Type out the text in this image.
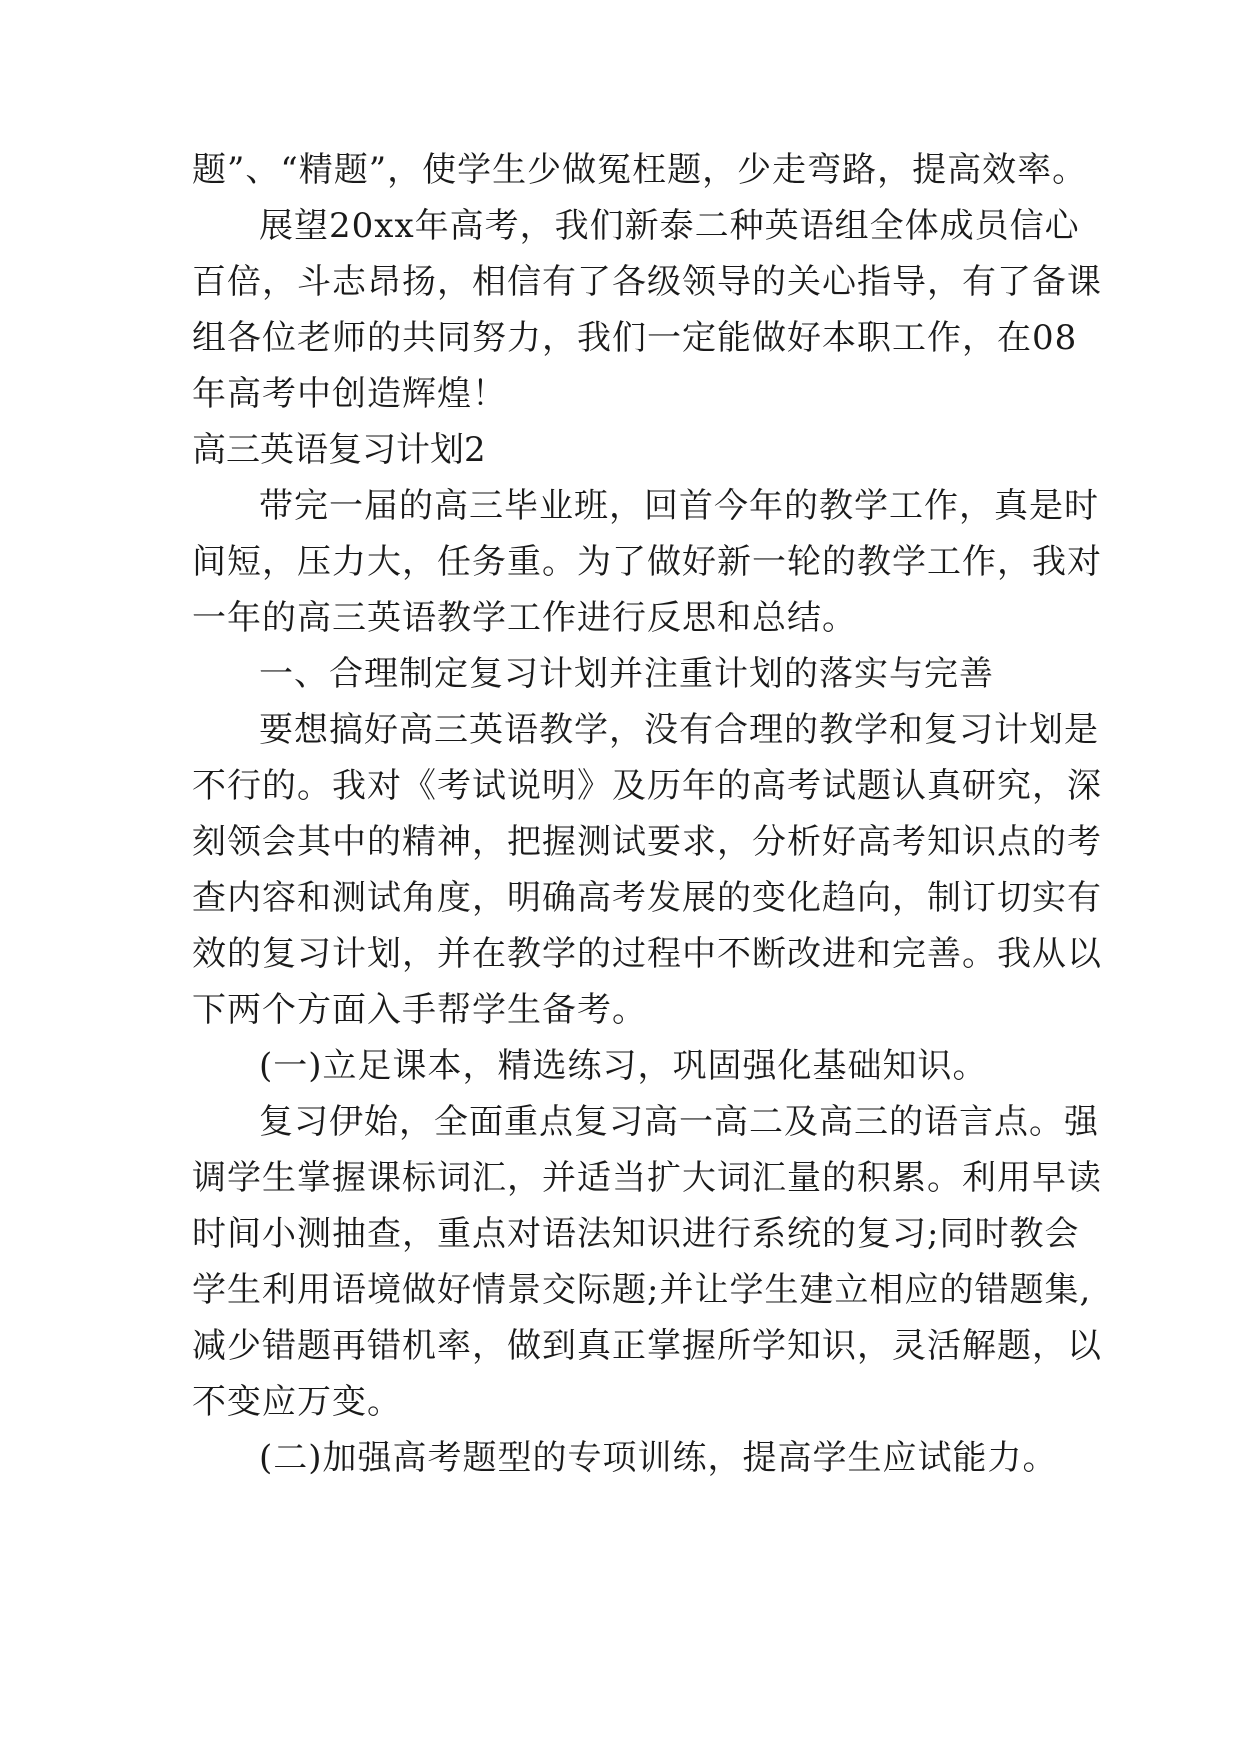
题”、“精题”，使学生少做冤枉题，少走弯路，提高效率。
展望20xx年高考，我们新泰二种英语组全体成员信心
百倍，斗志昂扬，相信有了各级领导的关心指导，有了备课
组各位老师的共同努力，我们一定能做好本职工作，在08
年高考中创造辉煌！
高三英语复习计划2
带完一届的高三毕业班，回首今年的教学工作，真是时
间短，压力大，任务重。为了做好新一轮的教学工作，我对
一年的高三英语教学工作进行反思和总结。
一、合理制定复习计划并注重计划的落实与完善
要想搞好高三英语教学，没有合理的教学和复习计划是
不行的。我对《考试说明》及历年的高考试题认真研究，深
刻领会其中的精神，把握测试要求，分析好高考知识点的考
查内容和测试角度，明确高考发展的变化趋向，制订切实有
效的复习计划，并在教学的过程中不断改进和完善。我从以
下两个方面入手帮学生备考。
(一)立足课本，精选练习，巩固强化基础知识。
复习伊始，全面重点复习高一高二及高三的语言点。强
调学生掌握课标词汇，并适当扩大词汇量的积累。利用早读
时间小测抽查，重点对语法知识进行系统的复习;同时教会
学生利用语境做好情景交际题;并让学生建立相应的错题集,
减少错题再错机率，做到真正掌握所学知识，灵活解题，以
不变应万变。
(二)加强高考题型的专项训练，提高学生应试能力。
